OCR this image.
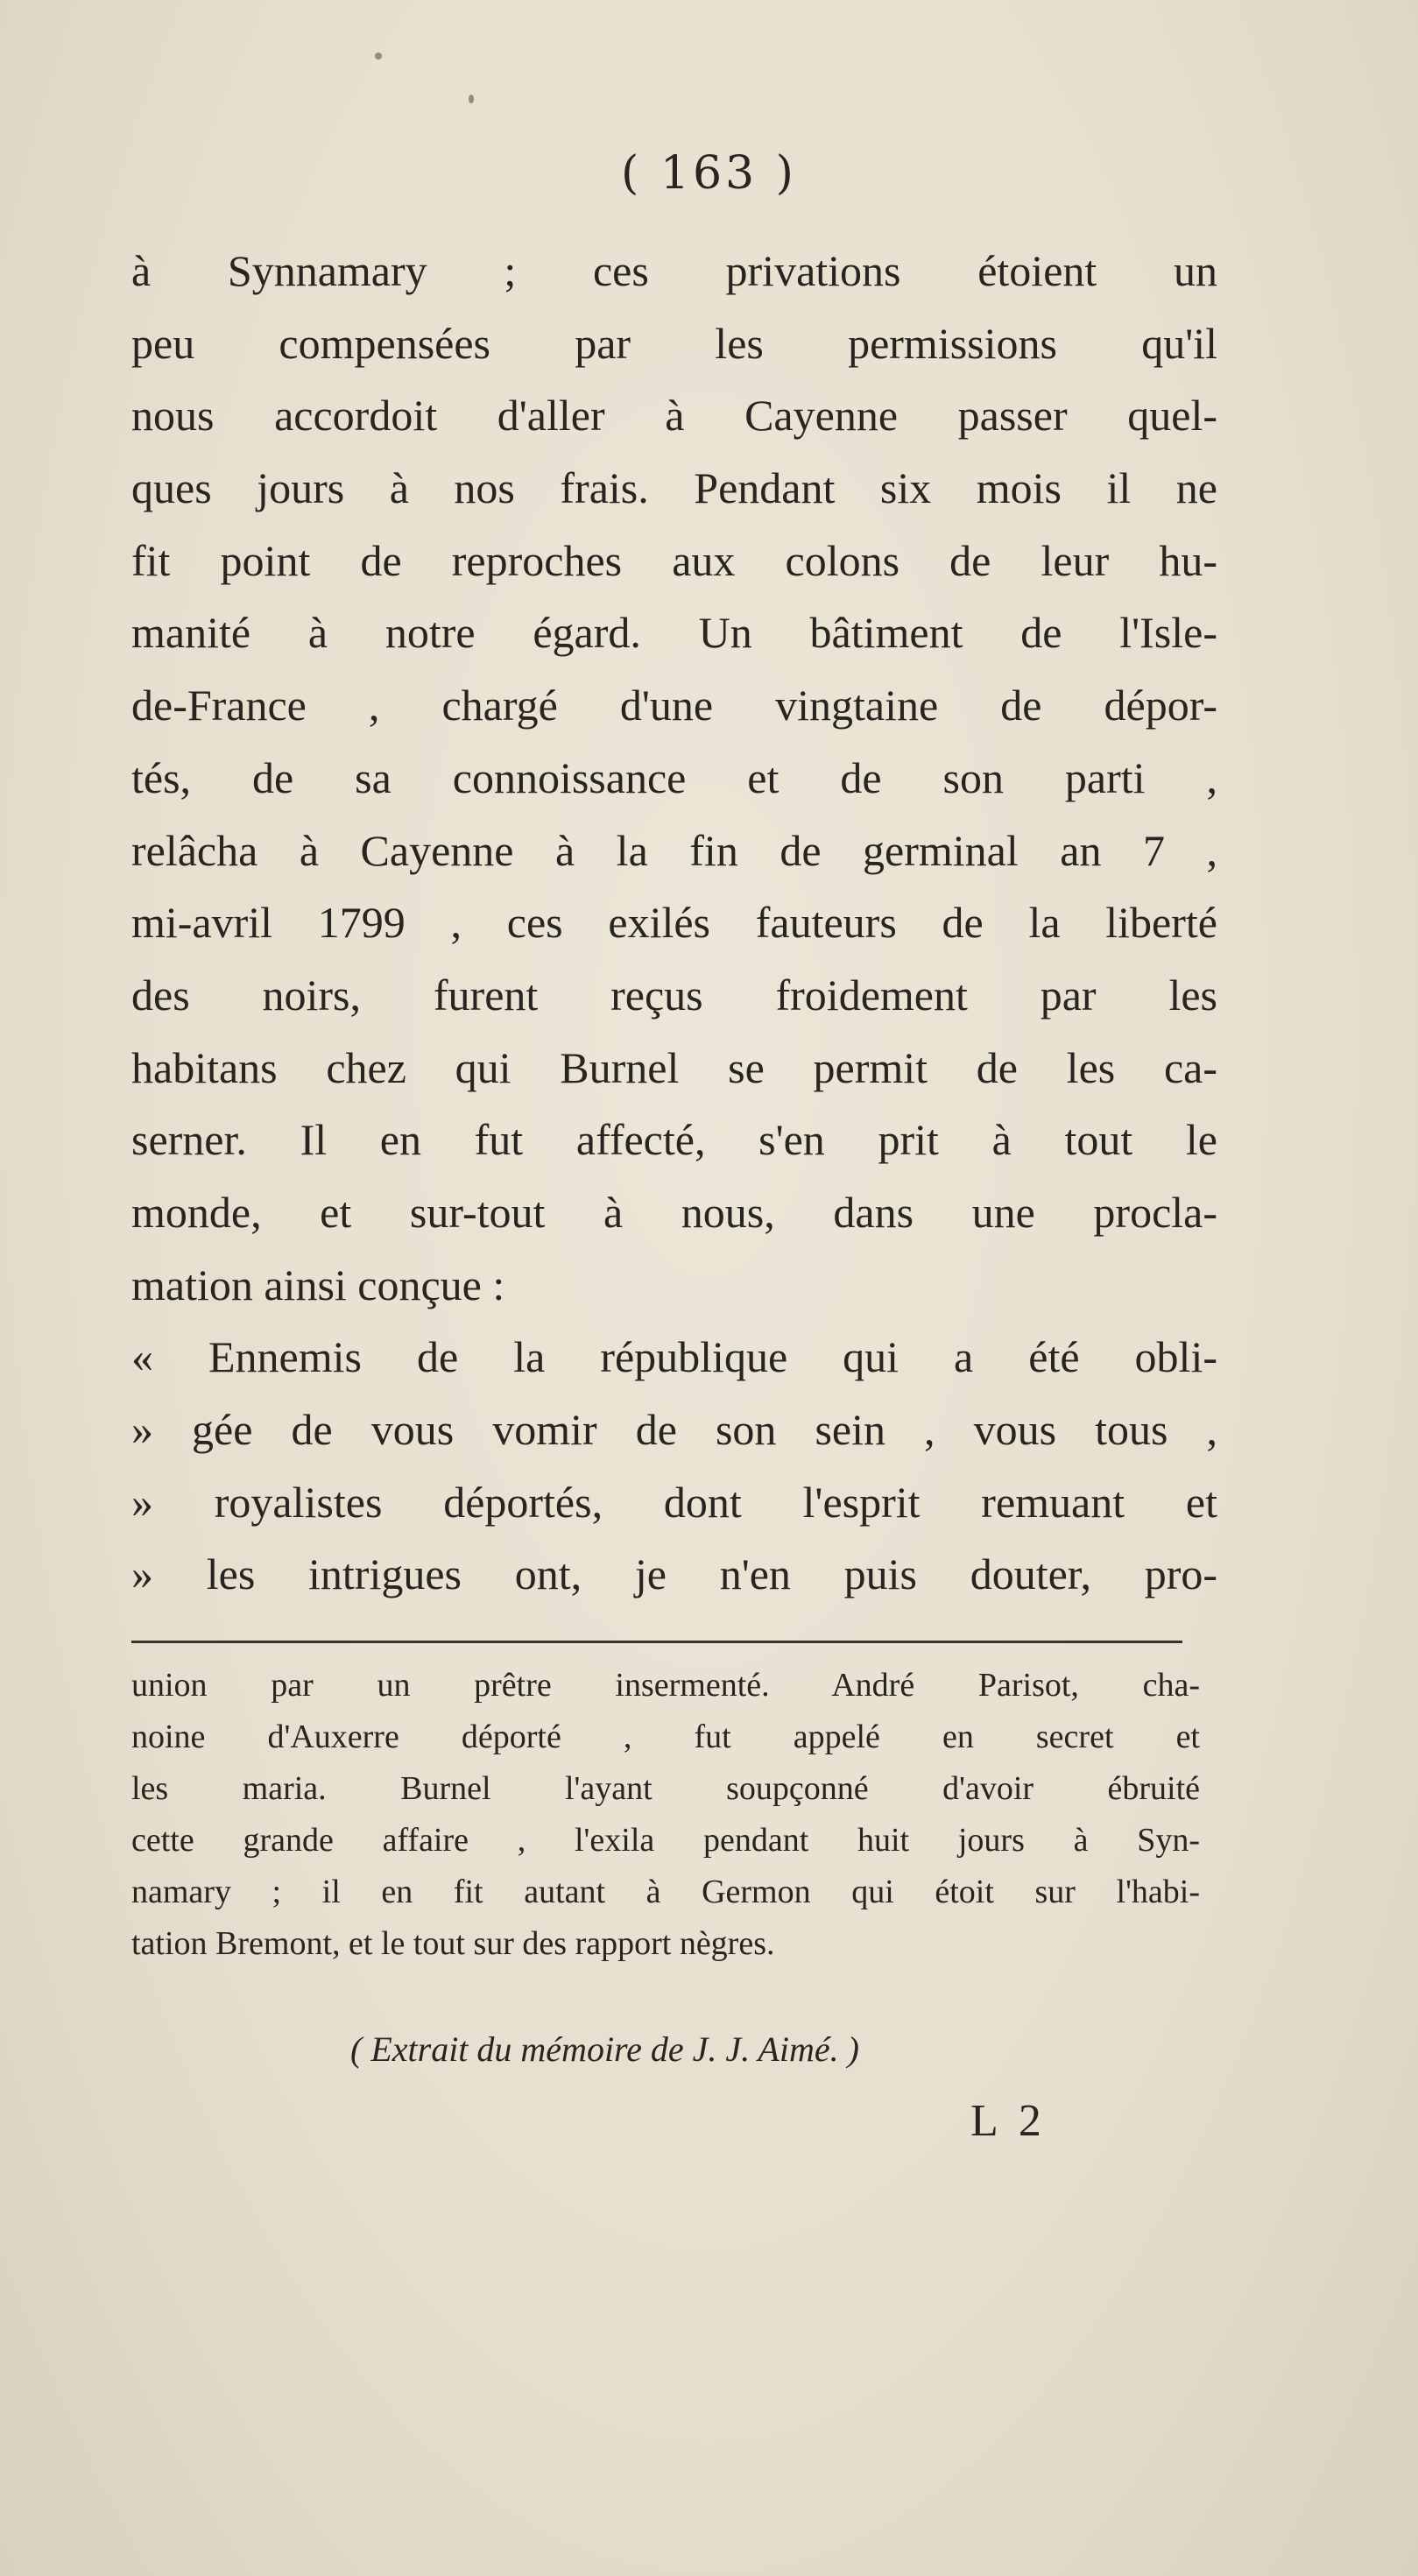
( 163 )
à Synnamary ; ces privations étoient un
peu compensées par les permissions qu'il
nous accordoit d'aller à Cayenne passer quel-
ques jours à nos frais. Pendant six mois il ne
fit point de reproches aux colons de leur hu-
manité à notre égard. Un bâtiment de l'Isle-
de-France , chargé d'une vingtaine de dépor-
tés, de sa connoissance et de son parti ,
relâcha à Cayenne à la fin de germinal an 7 ,
mi-avril 1799 , ces exilés fauteurs de la liberté
des noirs, furent reçus froidement par les
habitans chez qui Burnel se permit de les ca-
serner. Il en fut affecté, s'en prit à tout le
monde, et sur-tout à nous, dans une procla-
mation ainsi conçue :
« Ennemis de la république qui a été obli-
» gée de vous vomir de son sein , vous tous ,
» royalistes déportés, dont l'esprit remuant et
» les intrigues ont, je n'en puis douter, pro-
union par un prêtre insermenté. André Parisot, cha-
noine d'Auxerre déporté , fut appelé en secret et
les maria. Burnel l'ayant soupçonné d'avoir ébruité
cette grande affaire , l'exila pendant huit jours à Syn-
namary ; il en fit autant à Germon qui étoit sur l'habi-
tation Bremont, et le tout sur des rapport nègres.
( Extrait du mémoire de J. J. Aimé. )
L 2
